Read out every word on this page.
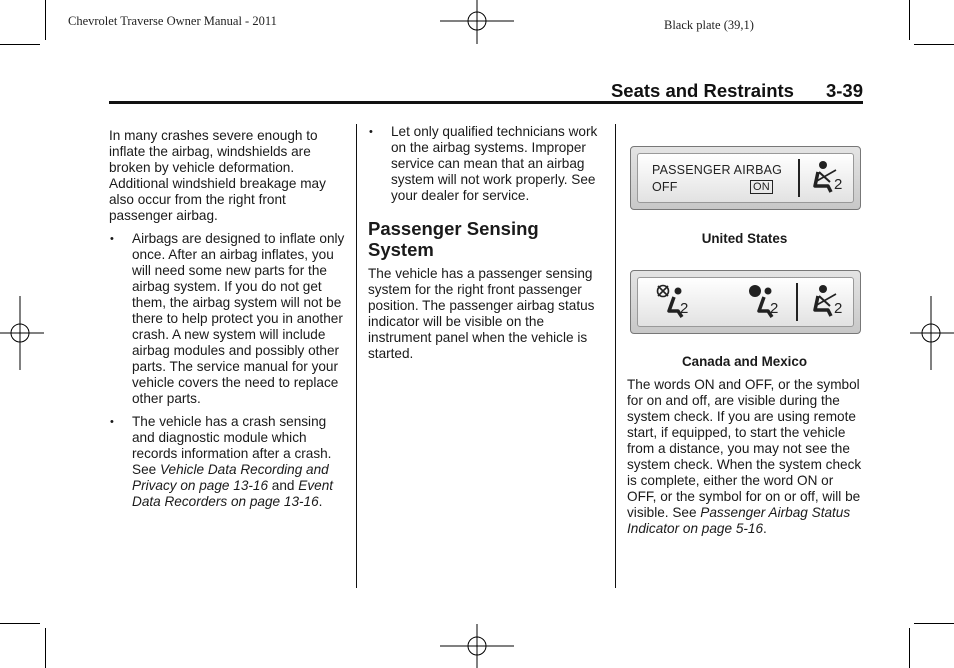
Chevrolet Traverse Owner Manual - 2011	Black plate (39,1)
Seats and Restraints 3-39

In many crashes severe enough to inflate the airbag, windshields are broken by vehicle deformation. Additional windshield breakage may also occur from the right front passenger airbag.

•	Airbags are designed to inflate only once. After an airbag inflates, you will need some new parts for the airbag system. If you do not get them, the airbag system will not be there to help protect you in another crash. A new system will include airbag modules and possibly other parts. The service manual for your vehicle covers the need to replace other parts.
•	The vehicle has a crash sensing and diagnostic module which records information after a crash. See Vehicle Data Recording and Privacy on page 13-16 and Event Data Recorders on page 13-16.
•	Let only qualified technicians work on the airbag systems. Improper service can mean that an airbag system will not work properly. See your dealer for service.
Passenger Sensing System

The vehicle has a passenger sensing system for the right front passenger position. The passenger airbag status indicator will be visible on the instrument panel when the vehicle is started.

PASSENGER AIRBAG
OFF	ON	2

United States

2	2	2

Canada and Mexico

The words ON and OFF, or the symbol for on and off, are visible during the system check. If you are using remote start, if equipped, to start the vehicle from a distance, you may not see the system check. When the system check is complete, either the word ON or OFF, or the symbol for on or off, will be visible. See Passenger Airbag Status Indicator on page 5-16.
